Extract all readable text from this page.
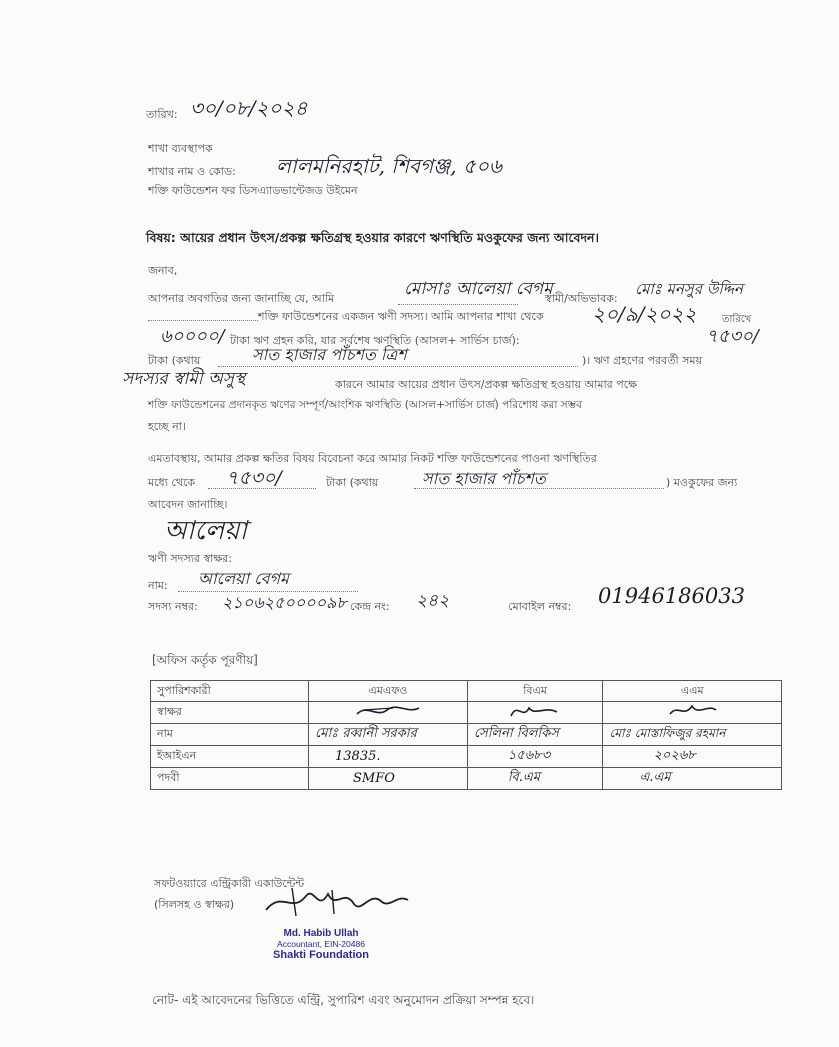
তারিখ: ৩০/০৮/২০২৪
শাখা ব্যবস্থাপক
শাখার নাম ও কোড: লালমনিরহাট, শিবগঞ্জ, ৫০৬
শক্তি ফাউন্ডেশন ফর ডিসএ্যাডভান্টেজড উইমেন
বিষয়: আয়ের প্রধান উৎস/প্রকল্প ক্ষতিগ্রস্থ হওয়ার কারণে ঋণস্থিতি মওকুফের জন্য আবেদন।
জনাব,
আপনার অবগতির জন্য জানাচ্ছি যে, আমি	মোসাঃ আলেয়া বেগম
স্বামী/অভিভাবক:
মোঃ মনসুর উদ্দিন
শক্তি ফাউন্ডেশনের একজন ঋণী সদস্য। আমি আপনার শাখা থেকে ২০/৯/২০২২	তারিখে
৬০০০০/ টাকা ঋণ গ্রহন করি, যার সর্বশেষ ঋণস্থিতি (আসল+ সার্ভিস চার্জ):	৭৫৩০/
টাকা (কথায়	সাত হাজার পাঁচশত ত্রিশ	)। ঋণ গ্রহণের পরবর্তী সময়
সদস্যর স্বামী অসুস্থ	কারনে আমার আয়ের প্রধান উৎস/প্রকল্প ক্ষতিগ্রস্থ হওয়ায় আমার পক্ষে
শক্তি ফাউন্ডেশনের প্রদানকৃত ঋণের সম্পূর্ণ/আংশিক ঋণস্থিতি (আসল+সার্ভিস চার্জ) পরিশোধ করা সম্ভব
হচ্ছে না।
এমতাবস্থায়, আমার প্রকল্প ক্ষতির বিষয় বিবেচনা করে আমার নিকট শক্তি ফাউন্ডেশনের পাওনা ঋণস্থিতির
মধ্যে থেকে ৭৫৩০/	টাকা (কথায়	সাত হাজার পাঁচশত	) মওকুফের জন্য
আবেদন জানাচ্ছি।
আলেয়া
ঋণী সদস্যর স্বাক্ষর:
নাম: আলেয়া বেগম
সদস্য নম্বর: ২১০৬২৫০০০০৯৮ কেন্দ্র নং: ২৪২	মোবাইল নম্বর: 01946186033
[অফিস কর্তৃক পূরণীয়]
সুপারিশকারী	এমএফও	বিএম	এএম
স্বাক্ষর			
নাম	মোঃ রব্বানী সরকার	সেলিনা বিলকিস	মোঃ মোস্তাফিজুর রহমান
ইআইএন	13835.	১৫৬৮৩	২০২৬৮
পদবী	SMFO	বি.এম	এ.এম
সফটওয়্যারে এন্ট্রিকারী একাউন্টেন্ট
(সিলসহ ও স্বাক্ষর)
Md. Habib Ullah
Accountant, EIN-20486
Shakti Foundation
নোট- এই আবেদনের ভিত্তিতে এন্ট্রি, সুপারিশ এবং অনুমোদন প্রক্রিয়া সম্পন্ন হবে।
